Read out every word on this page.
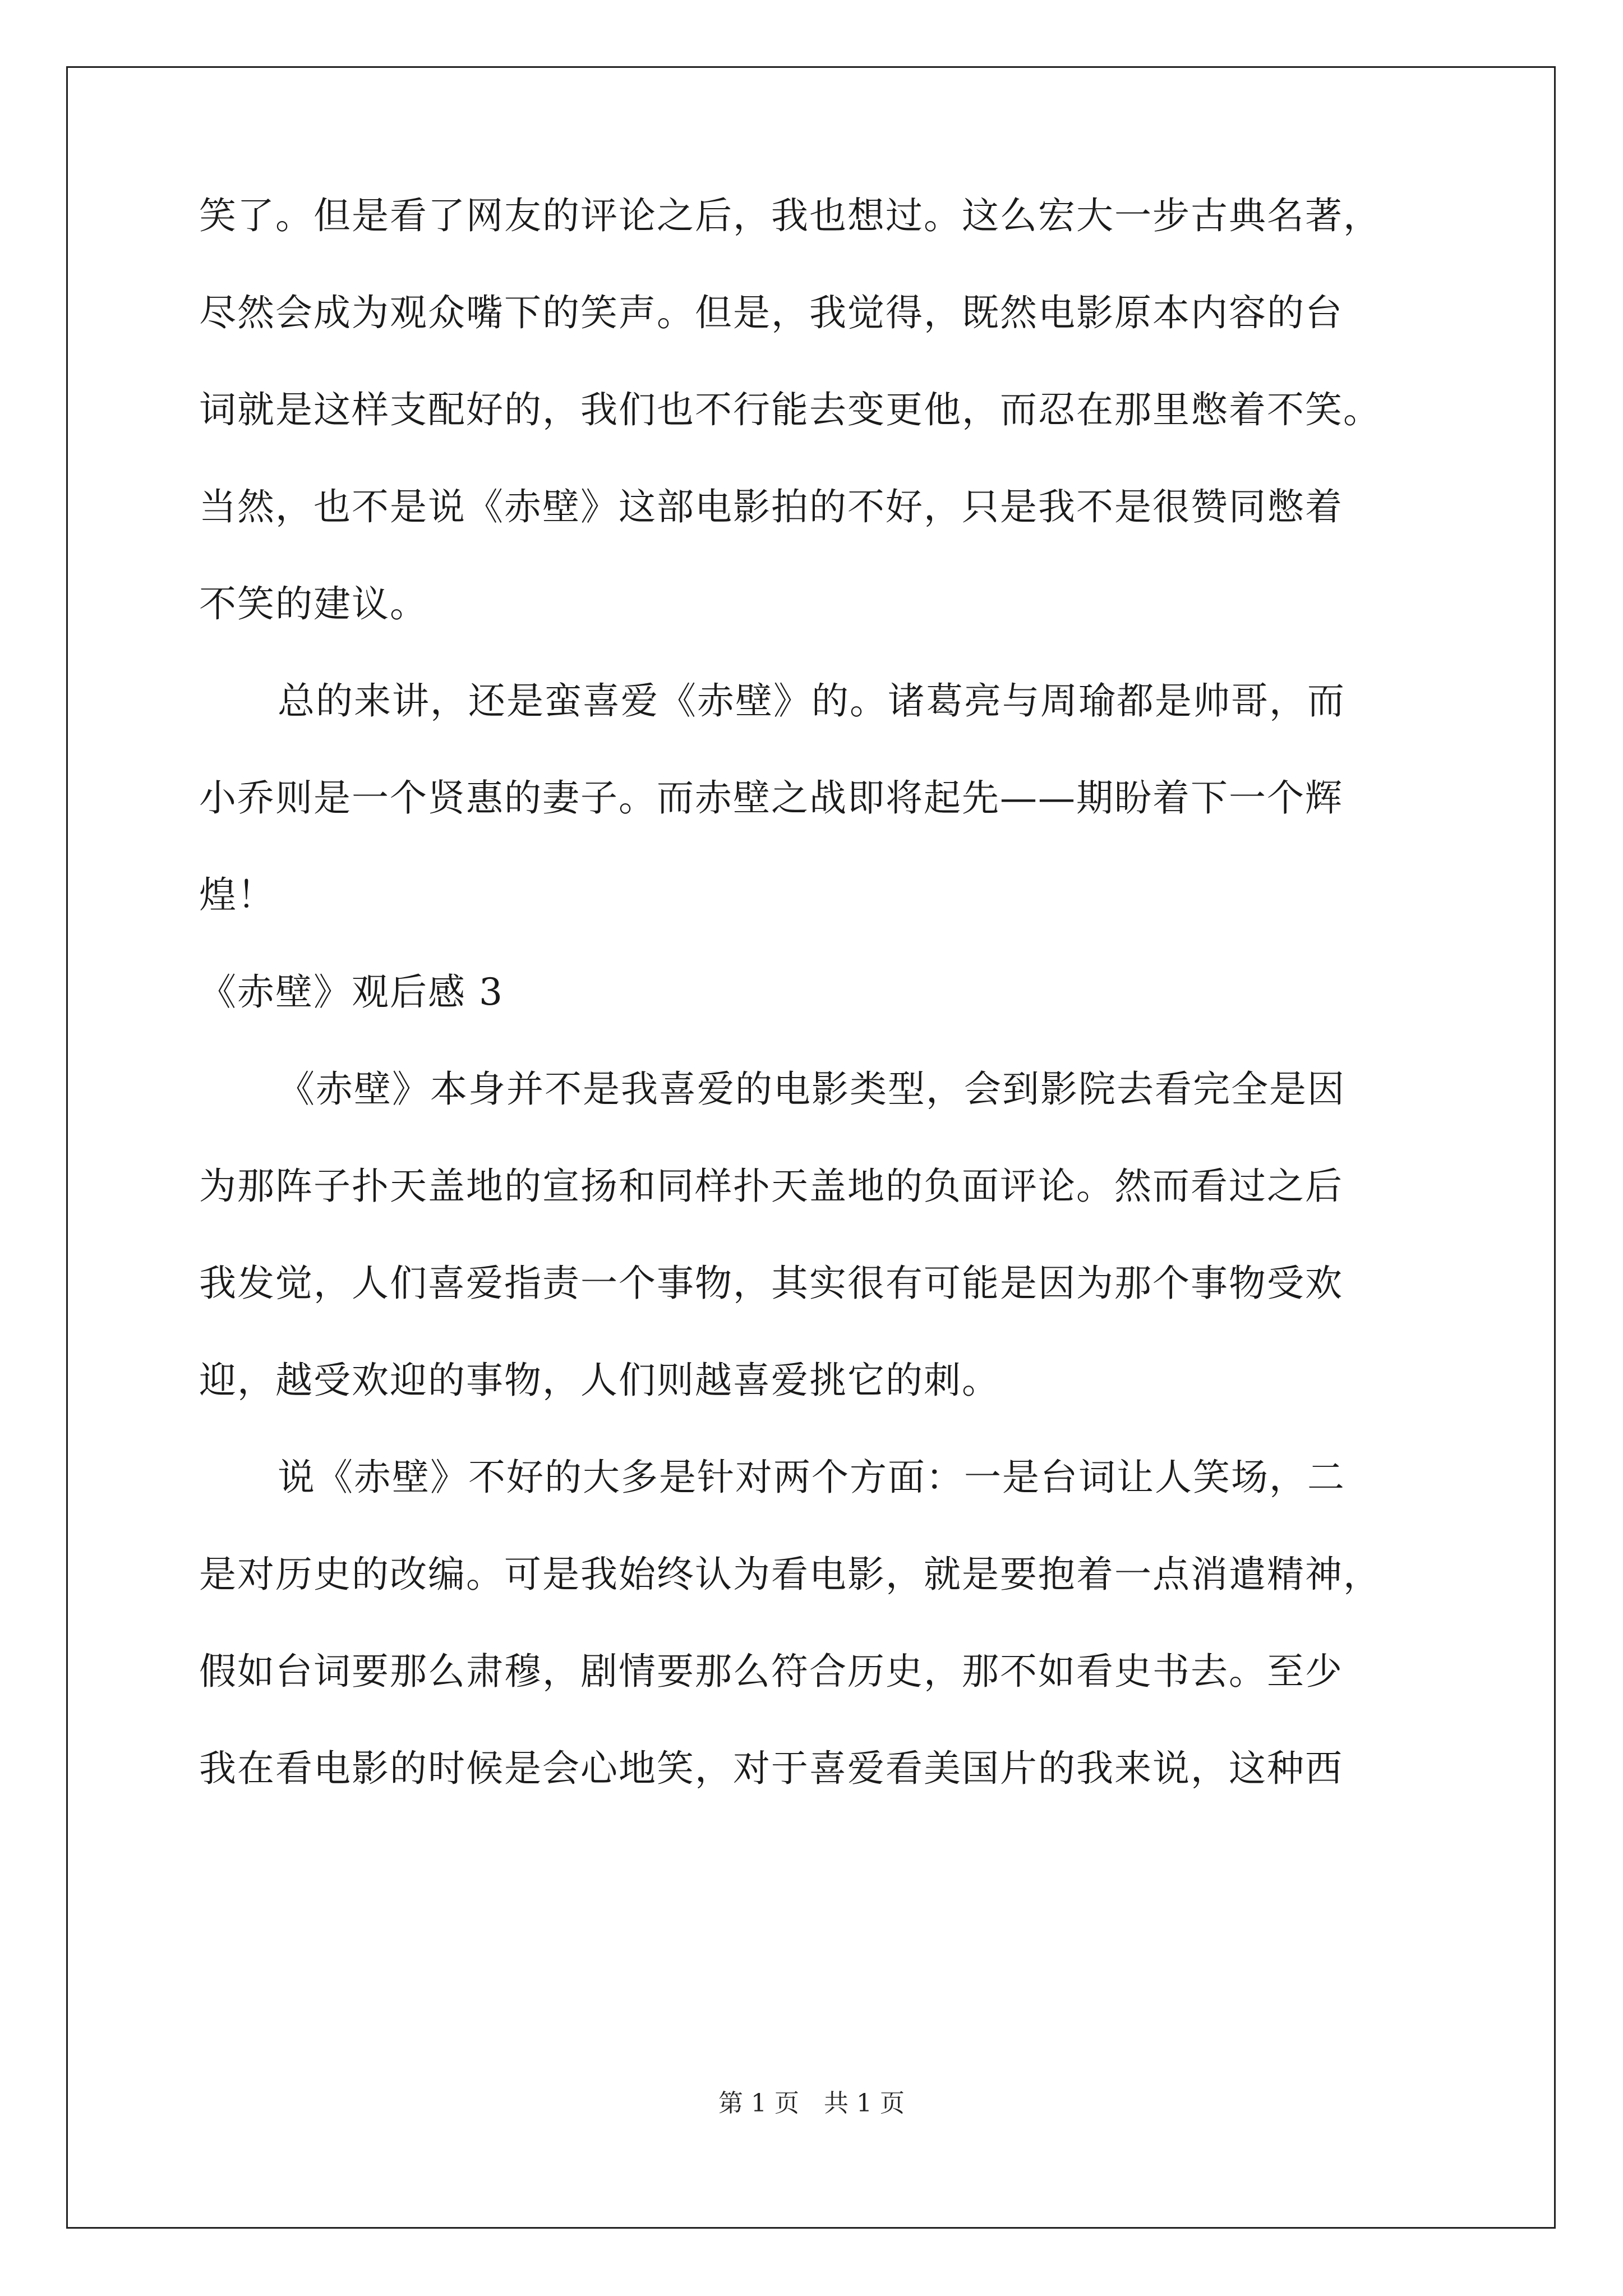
笑了。但是看了网友的评论之后，我也想过。这么宏大一步古典名著，
尽然会成为观众嘴下的笑声。但是，我觉得，既然电影原本内容的台
词就是这样支配好的，我们也不行能去变更他，而忍在那里憋着不笑。
当然，也不是说《赤壁》这部电影拍的不好，只是我不是很赞同憋着
不笑的建议。
总的来讲，还是蛮喜爱《赤壁》的。诸葛亮与周瑜都是帅哥，而
小乔则是一个贤惠的妻子。而赤壁之战即将起先——期盼着下一个辉
煌！
《赤壁》观后感 3
《赤壁》本身并不是我喜爱的电影类型，会到影院去看完全是因
为那阵子扑天盖地的宣扬和同样扑天盖地的负面评论。然而看过之后
我发觉，人们喜爱指责一个事物，其实很有可能是因为那个事物受欢
迎，越受欢迎的事物，人们则越喜爱挑它的刺。
说《赤壁》不好的大多是针对两个方面：一是台词让人笑场，二
是对历史的改编。可是我始终认为看电影，就是要抱着一点消遣精神，
假如台词要那么肃穆，剧情要那么符合历史，那不如看史书去。至少
我在看电影的时候是会心地笑，对于喜爱看美国片的我来说，这种西
第 1 页　共 1 页
